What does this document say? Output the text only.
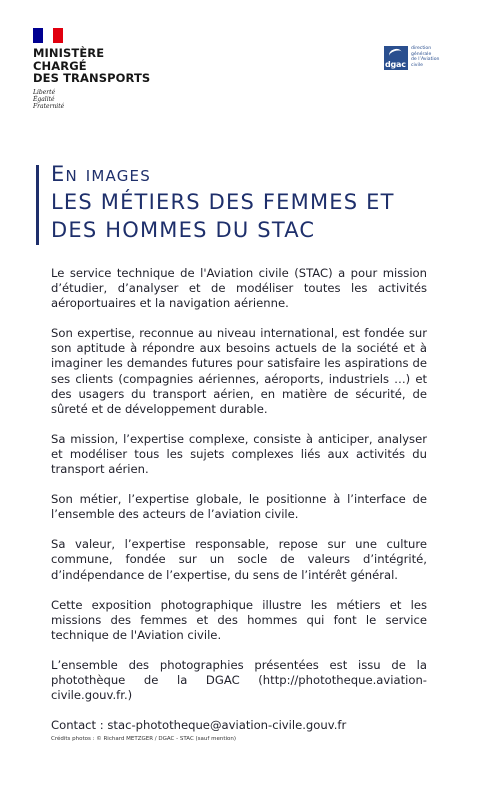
MINISTÈRE
CHARGÉ
DES TRANSPORTS
Liberté
Égalité
Fraternité
dgac
direction
générale
de l’Aviation
civile
En images
LES MÉTIERS DES FEMMES ET
DES HOMMES DU STAC

Le service technique de l'Aviation civile (STAC) a pour mission d’étudier, d’analyser et de modéliser toutes les activités aéroportuaires et la navigation aérienne.

Son expertise, reconnue au niveau international, est fondée sur son aptitude à répondre aux besoins actuels de la société et à imaginer les demandes futures pour satisfaire les aspirations de ses clients (compagnies aériennes, aéroports, industriels …) et des usagers du transport aérien, en matière de sécurité, de sûreté et de développement durable.

Sa mission, l’expertise complexe, consiste à anticiper, analyser et modéliser tous les sujets complexes liés aux activités du transport aérien.

Son métier, l’expertise globale, le positionne à l’interface de l’ensemble des acteurs de l’aviation civile.

Sa valeur, l’expertise responsable, repose sur une culture commune, fondée sur un socle de valeurs d’intégrité, d’indépendance de l’expertise, du sens de l’intérêt général.

Cette exposition photographique illustre les métiers et les missions des femmes et des hommes qui font le service technique de l'Aviation civile.

L’ensemble des photographies présentées est issu de la photothèque de la DGAC (http://phototheque.aviation-civile.gouv.fr.)

Contact : stac-phototheque@aviation-civile.gouv.fr

Crédits photos : © Richard METZGER / DGAC - STAC (sauf mention)
